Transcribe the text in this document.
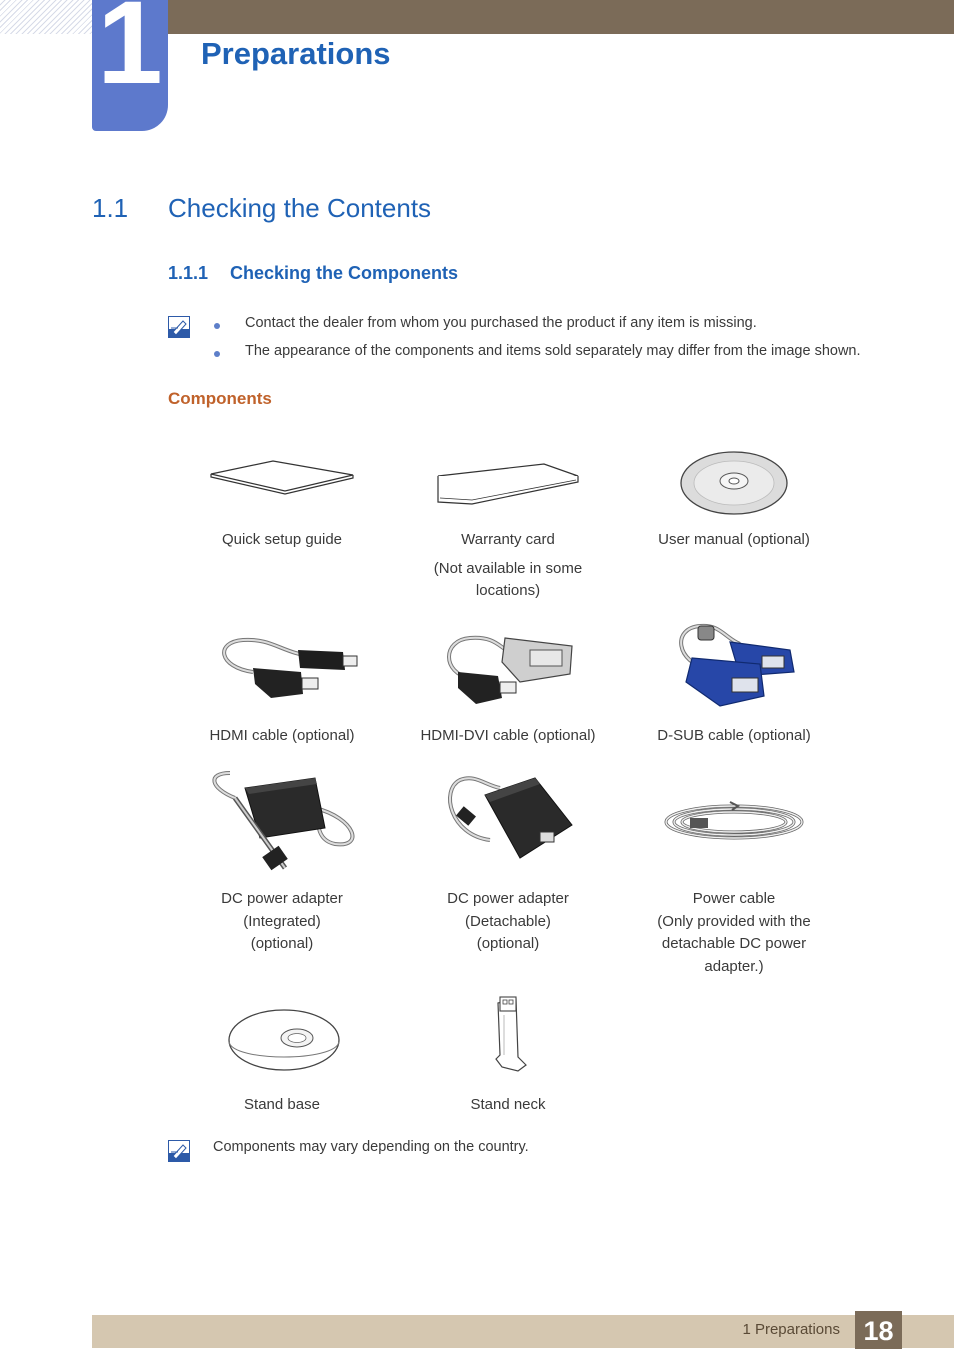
1 Preparations
1.1 Checking the Contents
1.1.1 Checking the Components
Contact the dealer from whom you purchased the product if any item is missing.
The appearance of the components and items sold separately may differ from the image shown.
Components
Quick setup guide	Warranty card
(Not available in some
locations)
User manual (optional)
HDMI cable (optional)	HDMI-DVI cable (optional)	D-SUB cable (optional)
DC power adapter
(Integrated)
(optional)
DC power adapter
(Detachable)
(optional)
Power cable
(Only provided with the
detachable DC power
adapter.)
Stand base	Stand neck
Components may vary depending on the country.
1 Preparations 18
